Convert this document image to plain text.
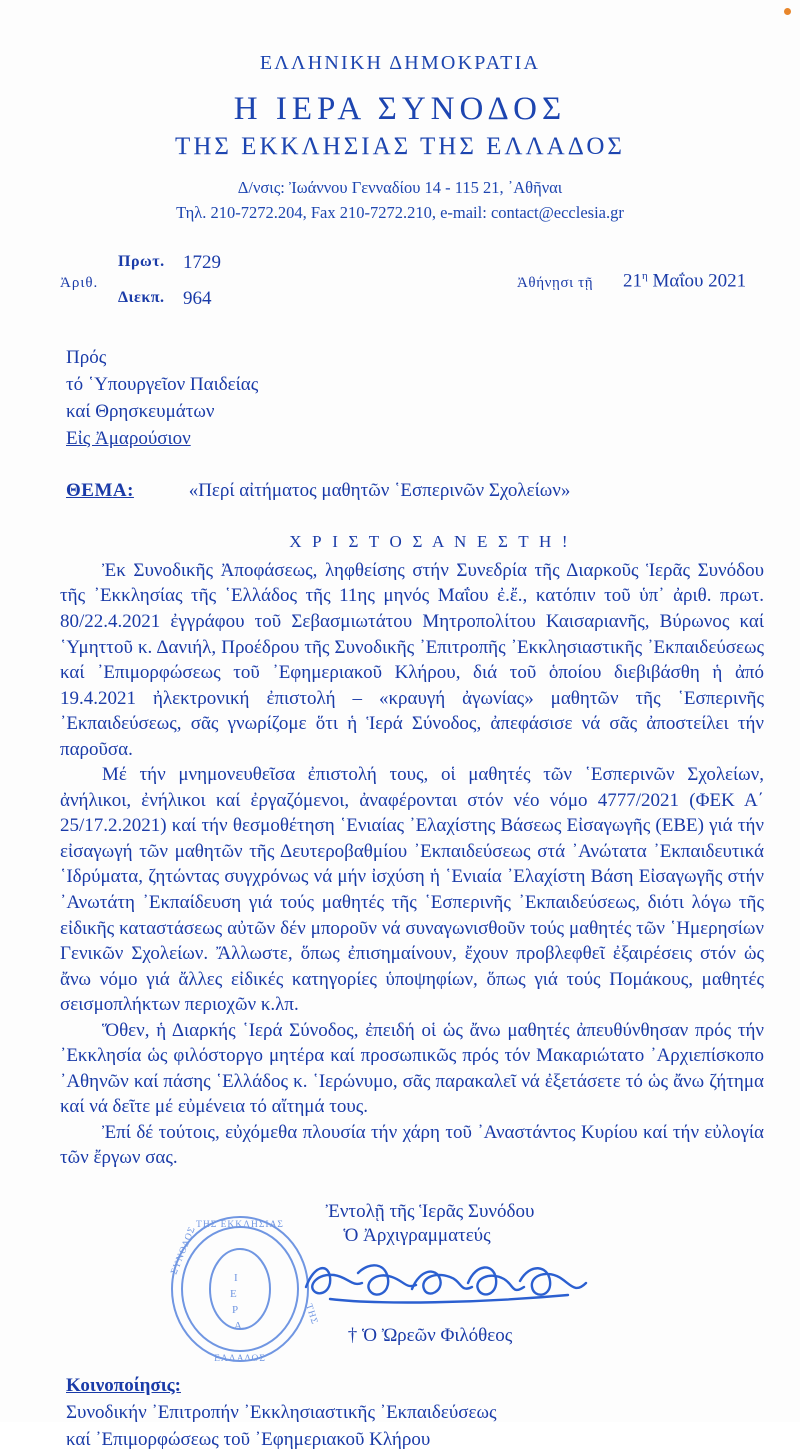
ΕΛΛΗΝΙΚΗ ΔΗΜΟΚΡΑΤΙΑ
Η ΙΕΡΑ ΣΥΝΟΔΟΣ
ΤΗΣ ΕΚΚΛΗΣΙΑΣ ΤΗΣ ΕΛΛΑΔΟΣ
Δ/νσις: Ἰωάννου Γενναδίου 14 - 115 21, ᾿Αθῆναι
Τηλ. 210-7272.204, Fax 210-7272.210, e-mail: contact@ecclesia.gr
Ἀριθ.
Πρωτ. 1729
Διεκπ. 964
Ἀθήνῃσι τῇ $21^\eta$ Μαΐου 2021
Πρός
τό ῾Υπουργεῖον Παιδείας
καί Θρησκευμάτων
Εἰς Ἀμαρούσιον
ΘΕΜΑ:	«Περί αἰτήματος μαθητῶν ῾Εσπερινῶν Σχολείων»
Χ Ρ Ι Σ Τ Ο Σ Α Ν Ε Σ Τ Η !

Ἐκ Συνοδικῆς Ἀποφάσεως, ληφθείσης στήν Συνεδρία τῆς Διαρκοῦς Ἱερᾶς Συνόδου τῆς ᾿Εκκλησίας τῆς ῾Ελλάδος τῆς 11ης μηνός Μαΐου ἐ.ἔ., κατόπιν τοῦ ὑπ᾿ ἀριθ. πρωτ. 80/22.4.2021 ἐγγράφου τοῦ Σεβασμιωτάτου Μητροπολίτου Καισαριανῆς, Βύρωνος καί ῾Υμηττοῦ κ. Δανιήλ, Προέδρου τῆς Συνοδικῆς ᾿Επιτροπῆς ᾿Εκκλησιαστικῆς ᾿Εκπαιδεύσεως καί ᾿Επιμορφώσεως τοῦ ᾿Εφημεριακοῦ Κλήρου, διά τοῦ ὁποίου διεβιβάσθη ἡ ἀπό 19.4.2021 ἠλεκτρονική ἐπιστολή – «κραυγή ἀγωνίας» μαθητῶν τῆς ῾Εσπερινῆς ᾿Εκπαιδεύσεως, σᾶς γνωρίζομε ὅτι ἡ Ἱερά Σύνοδος, ἀπεφάσισε νά σᾶς ἀποστείλει τήν παροῦσα.

Μέ τήν μνημονευθεῖσα ἐπιστολή τους, οἱ μαθητές τῶν ῾Εσπερινῶν Σχολείων, ἀνήλικοι, ἐνήλικοι καί ἐργαζόμενοι, ἀναφέρονται στόν νέο νόμο 4777/2021 (ΦΕΚ Α΄ 25/17.2.2021) καί τήν θεσμοθέτηση ῾Ενιαίας ᾿Ελαχίστης Βάσεως Εἰσαγωγῆς (ΕΒΕ) γιά τήν εἰσαγωγή τῶν μαθητῶν τῆς Δευτεροβαθμίου ᾿Εκπαιδεύσεως στά ᾿Ανώτατα ᾿Εκπαιδευτικά ῾Ιδρύματα, ζητώντας συγχρόνως νά μήν ἰσχύση ἡ ῾Ενιαία ᾿Ελαχίστη Βάση Εἰσαγωγῆς στήν ᾿Ανωτάτη ᾿Εκπαίδευση γιά τούς μαθητές τῆς ῾Εσπερινῆς ᾿Εκπαιδεύσεως, διότι λόγω τῆς εἰδικῆς καταστάσεως αὐτῶν δέν μποροῦν νά συναγωνισθοῦν τούς μαθητές τῶν ῾Ημερησίων Γενικῶν Σχολείων. Ἄλλωστε, ὅπως ἐπισημαίνουν, ἔχουν προβλεφθεῖ ἐξαιρέσεις στόν ὡς ἄνω νόμο γιά ἄλλες εἰδικές κατηγορίες ὑποψηφίων, ὅπως γιά τούς Πομάκους, μαθητές σεισμοπλήκτων περιοχῶν κ.λπ.

Ὅθεν, ἡ Διαρκής ῾Ιερά Σύνοδος, ἐπειδή οἱ ὡς ἄνω μαθητές ἀπευθύνθησαν πρός τήν ᾿Εκκλησία ὡς φιλόστοργο μητέρα καί προσωπικῶς πρός τόν Μακαριώτατο ᾿Αρχιεπίσκοπο ᾿Αθηνῶν καί πάσης ῾Ελλάδος κ. ῾Ιερώνυμο, σᾶς παρακαλεῖ νά ἐξετάσετε τό ὡς ἄνω ζήτημα καί νά δεῖτε μέ εὐμένεια τό αἴτημά τους.

Ἐπί δέ τούτοις, εὐχόμεθα πλουσία τήν χάρη τοῦ ᾿Αναστάντος Κυρίου καί τήν εὐλογία τῶν ἔργων σας.

Ἐντολῇ τῆς Ἱερᾶς Συνόδου
Ὁ Ἀρχιγραμματεύς
ΤΗΣ ΕΚΚΛΗΣΙΑΣ
ΣΥΝΟΔΟΣ
ΤΗΣ
ΕΛΛΑΔΟΣ
Ι
Ε
Ρ
Α	† Ὁ Ὠρεῶν Φιλόθεος
Κοινοποίησις:
Συνοδικήν ᾿Επιτροπήν ᾿Εκκλησιαστικῆς ᾿Εκπαιδεύσεως
καί ᾿Επιμορφώσεως τοῦ ᾿Εφημεριακοῦ Κλήρου
